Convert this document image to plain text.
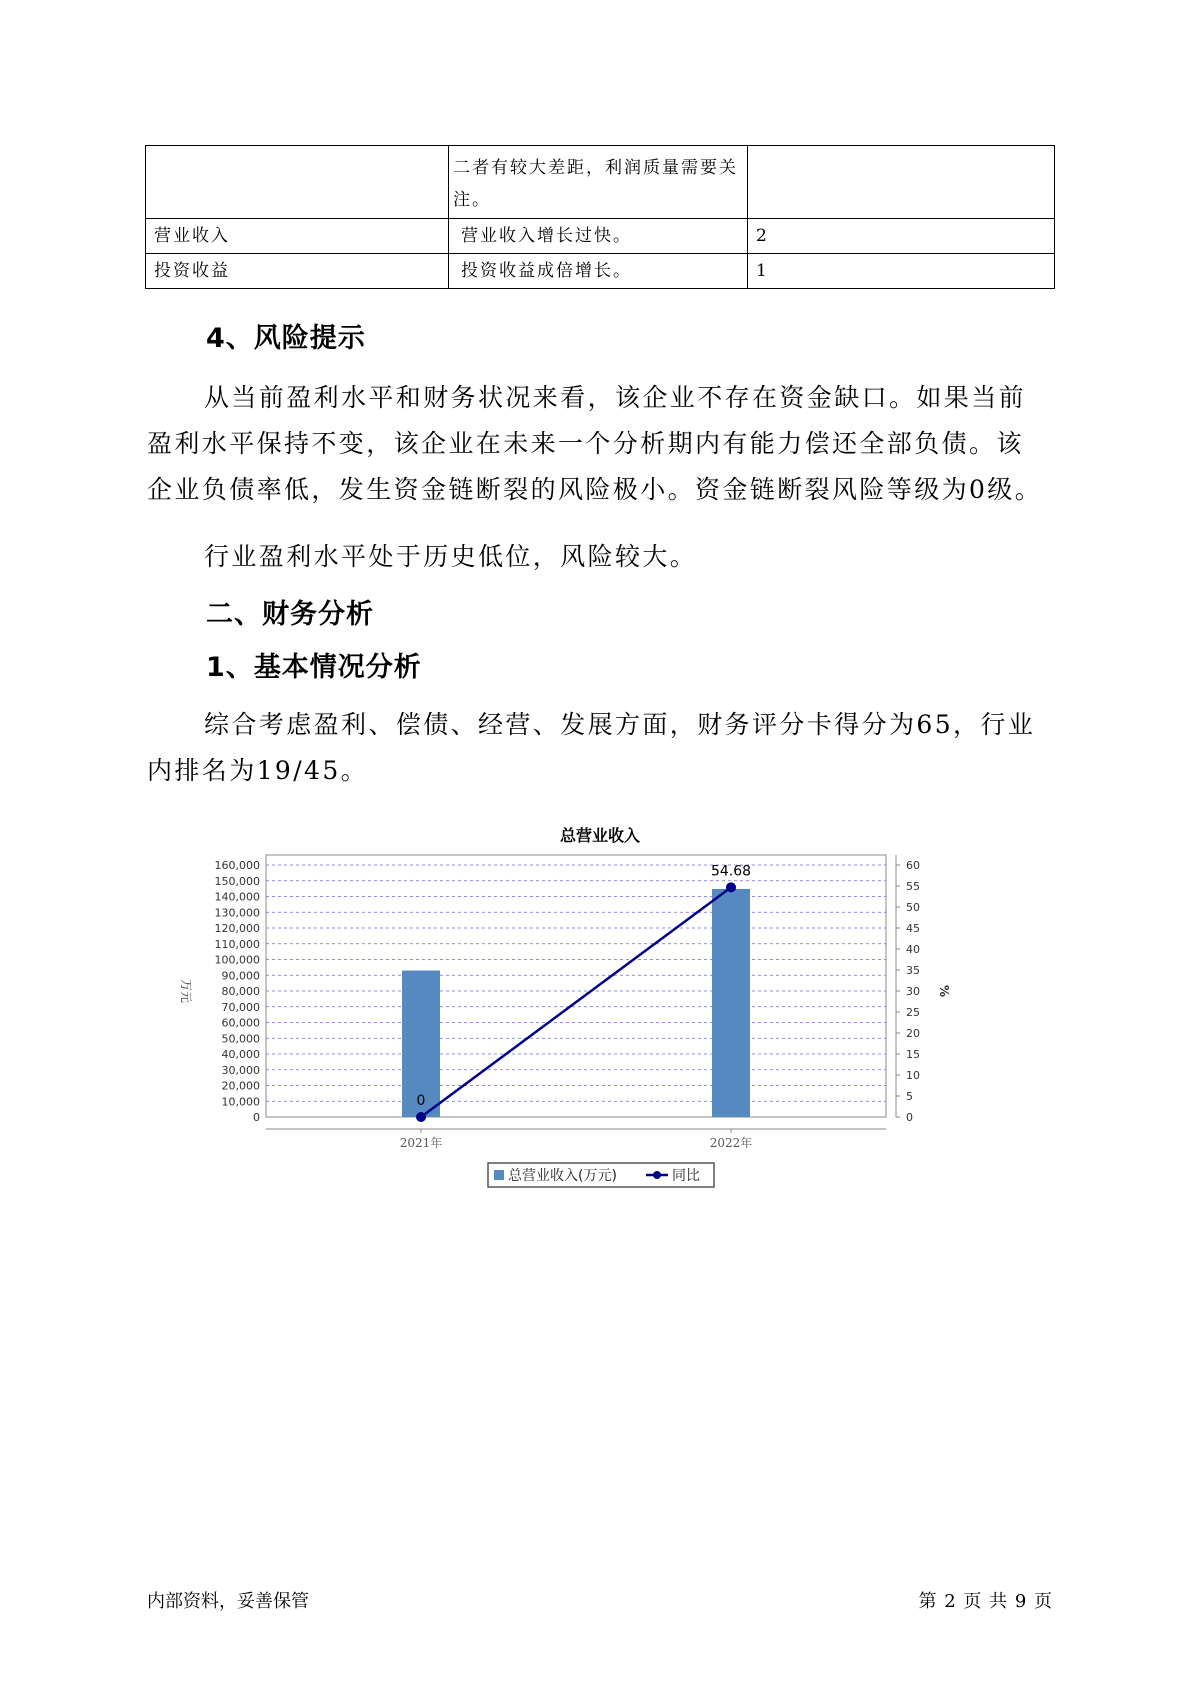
	二者有较大差距，利润质量需要关注。	
营业收入	营业收入增长过快。	2
投资收益	投资收益成倍增长。	1
4、风险提示
从当前盈利水平和财务状况来看，该企业不存在资金缺口。如果当前盈利水平保持不变，该企业在未来一个分析期内有能力偿还全部负债。该企业负债率低，发生资金链断裂的风险极小。资金链断裂风险等级为0级。
行业盈利水平处于历史低位，风险较大。
二、财务分析
1、基本情况分析
综合考虑盈利、偿债、经营、发展方面，财务评分卡得分为65，行业内排名为19/45。
总营业收入
0
10,000
20,000
30,000
40,000
50,000
60,000
70,000
80,000
90,000
100,000
110,000
120,000
130,000
140,000
150,000
160,000
0
5
10
15
20
25
30
35
40
45
50
55
60
万元	%
2021年	2022年
0
54.68
总营业收入(万元)	同比
内部资料，妥善保管	第 2 页 共 9 页
